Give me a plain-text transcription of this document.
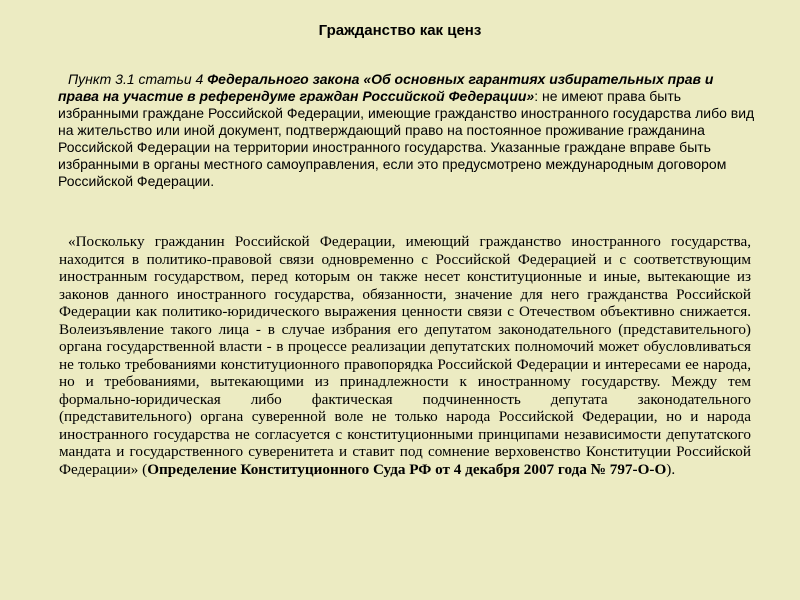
Гражданство как ценз
Пункт 3.1 статьи 4 Федерального закона «Об основных гарантиях избирательных прав и права на участие в референдуме граждан Российской Федерации»: не имеют права быть избранными граждане Российской Федерации, имеющие гражданство иностранного государства либо вид на жительство или иной документ, подтверждающий право на постоянное проживание гражданина Российской Федерации на территории иностранного государства. Указанные граждане вправе быть избранными в органы местного самоуправления, если это предусмотрено международным договором Российской Федерации.
«Поскольку гражданин Российской Федерации, имеющий гражданство иностранного государства, находится в политико-правовой связи одновременно с Российской Федерацией и с соответствующим иностранным государством, перед которым он также несет конституционные и иные, вытекающие из законов данного иностранного государства, обязанности, значение для него гражданства Российской Федерации как политико-юридического выражения ценности связи с Отечеством объективно снижается. Волеизъявление такого лица - в случае избрания его депутатом законодательного (представительного) органа государственной власти - в процессе реализации депутатских полномочий может обусловливаться не только требованиями конституционного правопорядка Российской Федерации и интересами ее народа, но и требованиями, вытекающими из принадлежности к иностранному государству. Между тем формально-юридическая либо фактическая подчиненность депутата законодательного (представительного) органа суверенной воле не только народа Российской Федерации, но и народа иностранного государства не согласуется с конституционными принципами независимости депутатского мандата и государственного суверенитета и ставит под сомнение верховенство Конституции Российской Федерации» (Определение Конституционного Суда РФ от 4 декабря 2007 года № 797-О-О).
